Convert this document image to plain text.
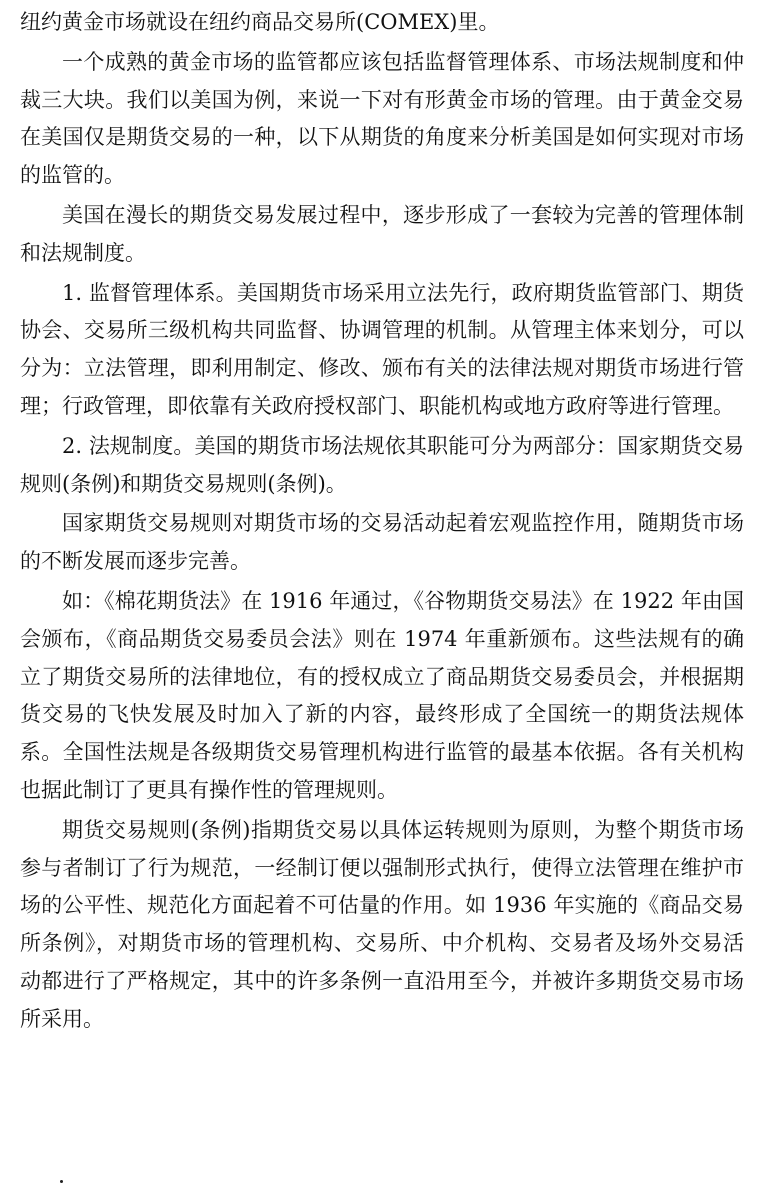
纽约黄金市场就设在纽约商品交易所(COMEX)里。

一个成熟的黄金市场的监管都应该包括监督管理体系、市场法规制度和仲裁三大块。我们以美国为例，来说一下对有形黄金市场的管理。由于黄金交易在美国仅是期货交易的一种，以下从期货的角度来分析美国是如何实现对市场的监管的。

美国在漫长的期货交易发展过程中，逐步形成了一套较为完善的管理体制和法规制度。

1. 监督管理体系。美国期货市场采用立法先行，政府期货监管部门、期货协会、交易所三级机构共同监督、协调管理的机制。从管理主体来划分，可以分为：立法管理，即利用制定、修改、颁布有关的法律法规对期货市场进行管理；行政管理，即依靠有关政府授权部门、职能机构或地方政府等进行管理。

2. 法规制度。美国的期货市场法规依其职能可分为两部分：国家期货交易规则(条例)和期货交易规则(条例)。

国家期货交易规则对期货市场的交易活动起着宏观监控作用，随期货市场的不断发展而逐步完善。

如：《棉花期货法》在 1916 年通过，《谷物期货交易法》在 1922 年由国会颁布，《商品期货交易委员会法》则在 1974 年重新颁布。这些法规有的确立了期货交易所的法律地位，有的授权成立了商品期货交易委员会，并根据期货交易的飞快发展及时加入了新的内容，最终形成了全国统一的期货法规体系。全国性法规是各级期货交易管理机构进行监管的最基本依据。各有关机构也据此制订了更具有操作性的管理规则。

期货交易规则(条例)指期货交易以具体运转规则为原则，为整个期货市场参与者制订了行为规范，一经制订便以强制形式执行，使得立法管理在维护市场的公平性、规范化方面起着不可估量的作用。如 1936 年实施的《商品交易所条例》，对期货市场的管理机构、交易所、中介机构、交易者及场外交易活动都进行了严格规定，其中的许多条例一直沿用至今，并被许多期货交易市场所采用。
